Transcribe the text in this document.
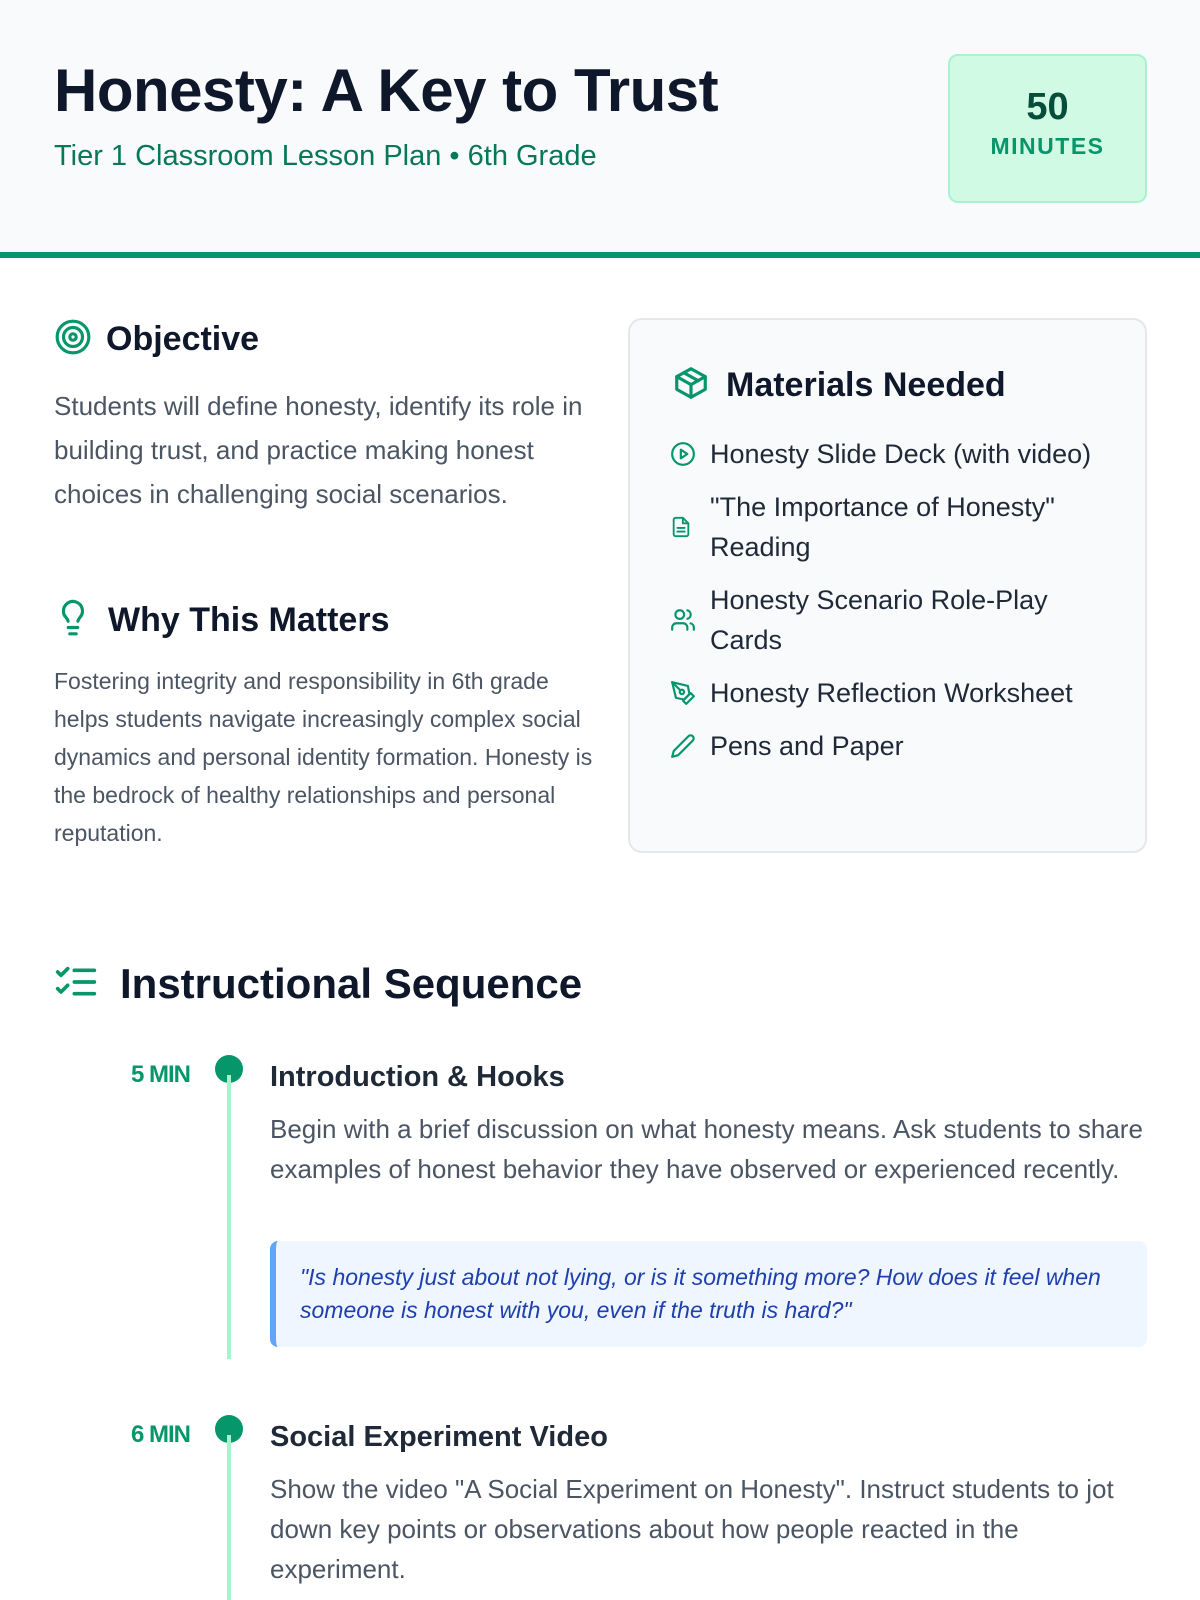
Honesty: A Key to Trust
Tier 1 Classroom Lesson Plan • 6th Grade
50
MINUTES
Objective

Students will define honesty, identify its role in building trust, and practice making honest choices in challenging social scenarios.

Why This Matters

Fostering integrity and responsibility in 6th grade helps students navigate increasingly complex social dynamics and personal identity formation. Honesty is the bedrock of healthy relationships and personal reputation.

Materials Needed
Honesty Slide Deck (with video)
"The Importance of Honesty" Reading
Honesty Scenario Role-Play Cards
Honesty Reflection Worksheet
Pens and Paper
Instructional Sequence
5 MIN	Introduction & Hooks

Begin with a brief discussion on what honesty means. Ask students to share examples of honest behavior they have observed or experienced recently.

"Is honesty just about not lying, or is it something more? How does it feel when someone is honest with you, even if the truth is hard?"
6 MIN	Social Experiment Video

Show the video "A Social Experiment on Honesty". Instruct students to jot down key points or observations about how people reacted in the experiment.
